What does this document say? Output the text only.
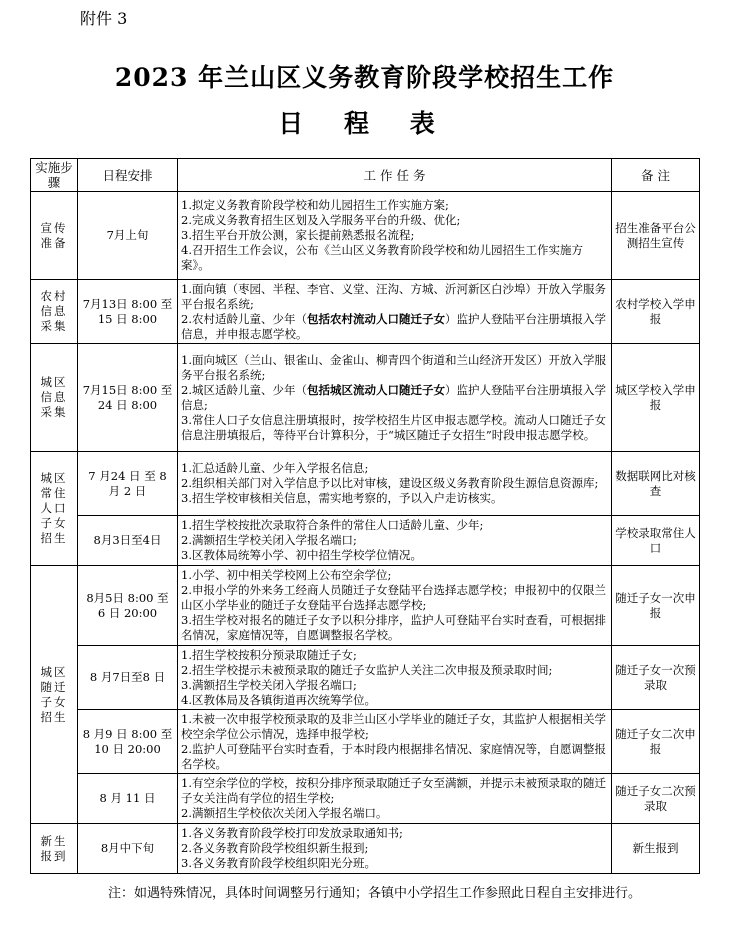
附件 3
2023 年兰山区义务教育阶段学校招生工作
日 程 表
实施步骤	日程安排	工 作 任 务	备 注
宣传准备	7月上旬	1.拟定义务教育阶段学校和幼儿园招生工作实施方案;
2.完成义务教育招生区划及入学服务平台的升级、优化;
3.招生平台开放公测，家长提前熟悉报名流程;
4.召开招生工作会议，公布《兰山区义务教育阶段学校和幼儿园招生工作实施方案》。	招生准备平台公测招生宣传
农村信息采集	7月13日 8:00 至 15 日 8:00	1.面向镇（枣园、半程、李官、义堂、汪沟、方城、沂河新区白沙埠）开放入学服务平台报名系统;
2.农村适龄儿童、少年（包括农村流动人口随迁子女）监护人登陆平台注册填报入学信息，并申报志愿学校。	农村学校入学申报
城区信息采集	7月15日 8:00 至 24 日 8:00	1.面向城区（兰山、银雀山、金雀山、柳青四个街道和兰山经济开发区）开放入学服务平台报名系统;
2.城区适龄儿童、少年（包括城区流动人口随迁子女）监护人登陆平台注册填报入学信息;
3.常住人口子女信息注册填报时，按学校招生片区申报志愿学校。流动人口随迁子女信息注册填报后，等待平台计算积分，于“城区随迁子女招生”时段申报志愿学校。	城区学校入学申报
城区常住人口子女招生	7 月24 日 至 8 月 2 日	1.汇总适龄儿童、少年入学报名信息;
2.组织相关部门对入学信息予以比对审核，建设区级义务教育阶段生源信息资源库;
3.招生学校审核相关信息，需实地考察的，予以入户走访核实。	数据联网比对核查
	8月3日至4日	1.招生学校按批次录取符合条件的常住人口适龄儿童、少年;
2.满额招生学校关闭入学报名端口;
3.区教体局统筹小学、初中招生学校学位情况。	学校录取常住人口
城区随迁子女招生	8月5日 8:00 至 6 日 20:00	1.小学、初中相关学校网上公布空余学位;
2.申报小学的外来务工经商人员随迁子女登陆平台选择志愿学校；申报初中的仅限兰山区小学毕业的随迁子女登陆平台选择志愿学校;
3.招生学校对报名的随迁子女予以积分排序，监护人可登陆平台实时查看，可根据排名情况，家庭情况等，自愿调整报名学校。	随迁子女一次申报
	8 月7日至8 日	1.招生学校按积分预录取随迁子女;
2.招生学校提示未被预录取的随迁子女监护人关注二次申报及预录取时间;
3.满额招生学校关闭入学报名端口;
4.区教体局及各镇街道再次统筹学位。	随迁子女一次预录取
	8 月9 日 8:00 至 10 日 20:00	1.未被一次申报学校预录取的及非兰山区小学毕业的随迁子女，其监护人根据相关学校空余学位公示情况，选择申报学校;
2.监护人可登陆平台实时查看，于本时段内根据排名情况、家庭情况等，自愿调整报名学校。	随迁子女二次申报
	8 月 11 日	1.有空余学位的学校，按积分排序预录取随迁子女至满额，并提示未被预录取的随迁子女关注尚有学位的招生学校;
2.满额招生学校依次关闭入学报名端口。	随迁子女二次预录取
新生报到	8月中下旬	1.各义务教育阶段学校打印发放录取通知书;
2.各义务教育阶段学校组织新生报到;
3.各义务教育阶段学校组织阳光分班。	新生报到
注：如遇特殊情况，具体时间调整另行通知；各镇中小学招生工作参照此日程自主安排进行。
